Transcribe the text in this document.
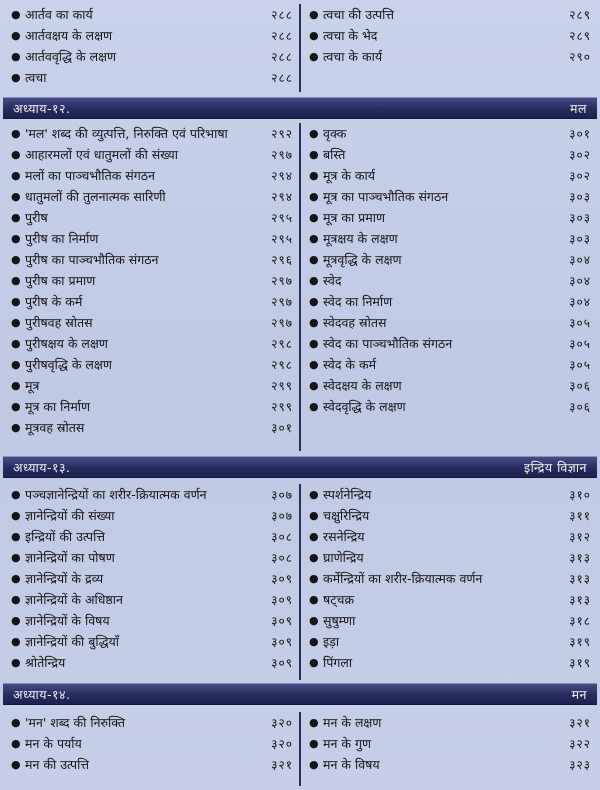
● आर्तव का कार्य	२८८
● आर्तवक्षय के लक्षण	२८८
● आर्तववृद्धि के लक्षण	२८८
● त्वचा	२८८
● त्वचा की उत्पत्ति	२८९
● त्वचा के भेद	२८९
● त्वचा के कार्य	२९०
अध्याय-१२.	मल
● 'मल' शब्द की व्युत्पत्ति, निरुक्ति एवं परिभाषा	२९२
● आहारमलों एवं धातुमलों की संख्या	२९७
● मलों का पाञ्चभौतिक संगठन	२९४
● धातुमलों की तुलनात्मक सारिणी	२९४
● पुरीष	२९५
● पुरीष का निर्माण	२९५
● पुरीष का पाञ्चभौतिक संगठन	२९६
● पुरीष का प्रमाण	२९७
● पुरीष के कर्म	२९७
● पुरीषवह स्रोतस	२९७
● पुरीषक्षय के लक्षण	२९८
● पुरीषवृद्धि के लक्षण	२९८
● मूत्र	२९९
● मूत्र का निर्माण	२९९
● मूत्रवह स्रोतस	३०१
● वृक्क	३०१
● बस्ति	३०२
● मूत्र के कार्य	३०२
● मूत्र का पाञ्चभौतिक संगठन	३०३
● मूत्र का प्रमाण	३०३
● मूत्रक्षय के लक्षण	३०३
● मूत्रवृद्धि के लक्षण	३०४
● स्वेद	३०४
● स्वेद का निर्माण	३०४
● स्वेदवह स्रोतस	३०५
● स्वेद का पाञ्चभौतिक संगठन	३०५
● स्वेद के कर्म	३०५
● स्वेदक्षय के लक्षण	३०६
● स्वेदवृद्धि के लक्षण	३०६
अध्याय-१३.	इन्द्रिय विज्ञान
● पञ्चज्ञानेन्द्रियों का शरीर-क्रियात्मक वर्णन	३०७
● ज्ञानेन्द्रियों की संख्या	३०७
● इन्द्रियों की उत्पत्ति	३०८
● ज्ञानेन्द्रियों का पोषण	३०८
● ज्ञानेन्द्रियों के द्रव्य	३०९
● ज्ञानेन्द्रियों के अधिष्ठान	३०९
● ज्ञानेन्द्रियों के विषय	३०९
● ज्ञानेन्द्रियों की बुद्धियाँ	३०९
● श्रोतेन्द्रिय	३०९
● स्पर्शनेन्द्रिय	३१०
● चक्षुरिन्द्रिय	३११
● रसनेन्द्रिय	३१२
● घ्राणेन्द्रिय	३१३
● कर्मेन्द्रियों का शरीर-क्रियात्मक वर्णन	३१३
● षट्चक्र	३१३
● सुषुम्णा	३१८
● इड़ा	३१९
● पिंगला	३१९
अध्याय-१४.	मन
● 'मन' शब्द की निरुक्ति	३२०
● मन के पर्याय	३२०
● मन की उत्पत्ति	३२१
● मन के लक्षण	३२१
● मन के गुण	३२२
● मन के विषय	३२३
